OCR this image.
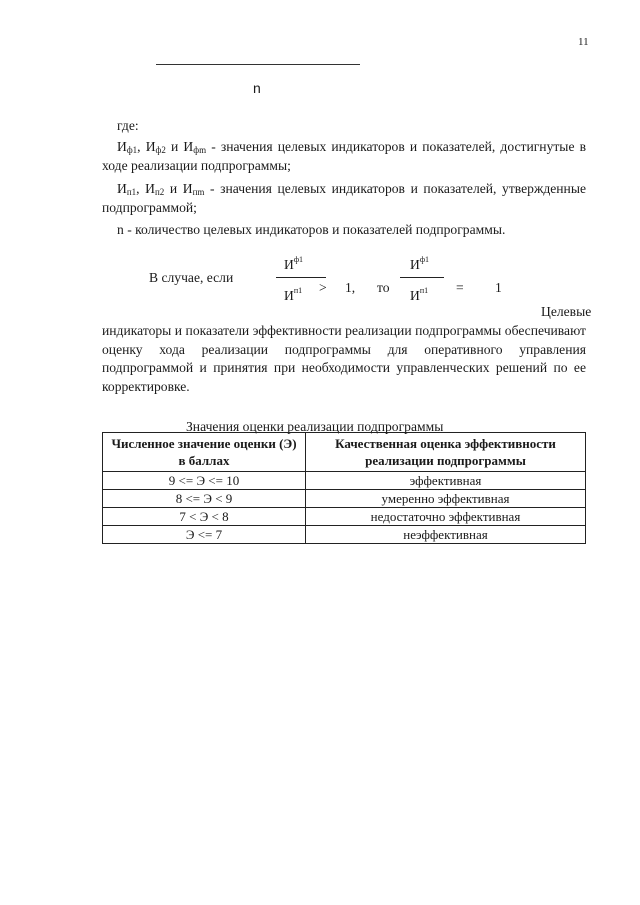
11
n

где:

Иф1, Иф2 и Ифm - значения целевых индикаторов и показателей, достигнутые в ходе реализации подпрограммы;

Ип1, Ип2 и Ипm - значения целевых индикаторов и показателей, утвержденные подпрограммой;

n - количество целевых индикаторов и показателей подпрограммы.

В случае, если
$И^{ф1}$
$И^{п1} > 1$, то
$И^{ф1}$
$И^{п1} = 1$
Целевые

индикаторы и показатели эффективности реализации подпрограммы обеспечивают оценку хода реализации подпрограммы для оперативного управления подпрограммой и принятия при необходимости управленческих решений по ее корректировке.

Значения оценки реализации подпрограммы

Численное значение оценки (Э) в баллах	Качественная оценка эффективности реализации подпрограммы
9 <= Э <= 10	эффективная
8 <= Э < 9	умеренно эффективная
7 < Э < 8	недостаточно эффективная
Э <= 7	неэффективная
